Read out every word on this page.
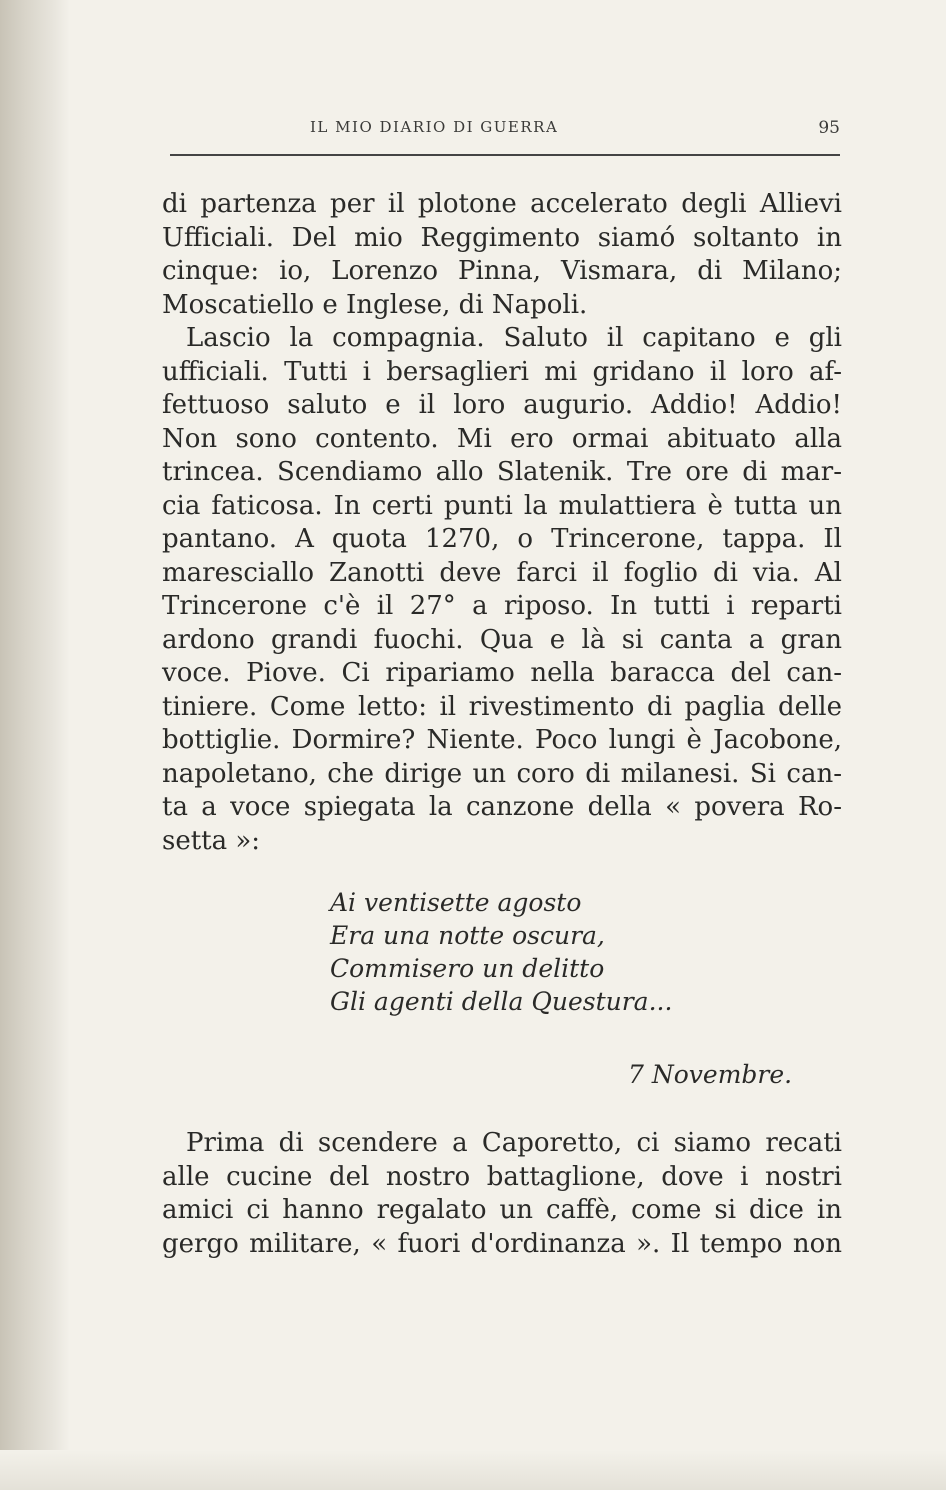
IL MIO DIARIO DI GUERRA	95
di partenza per il plotone accelerato degli Allievi
Ufficiali. Del mio Reggimento siamó soltanto in
cinque: io, Lorenzo Pinna, Vismara, di Milano;
Moscatiello e Inglese, di Napoli.
Lascio la compagnia. Saluto il capitano e gli
ufficiali. Tutti i bersaglieri mi gridano il loro af-
fettuoso saluto e il loro augurio. Addio! Addio!
Non sono contento. Mi ero ormai abituato alla
trincea. Scendiamo allo Slatenik. Tre ore di mar-
cia faticosa. In certi punti la mulattiera è tutta un
pantano. A quota 1270, o Trincerone, tappa. Il
maresciallo Zanotti deve farci il foglio di via. Al
Trincerone c'è il 27° a riposo. In tutti i reparti
ardono grandi fuochi. Qua e là si canta a gran
voce. Piove. Ci ripariamo nella baracca del can-
tiniere. Come letto: il rivestimento di paglia delle
bottiglie. Dormire? Niente. Poco lungi è Jacobone,
napoletano, che dirige un coro di milanesi. Si can-
ta a voce spiegata la canzone della « povera Ro-
setta »:
Ai ventisette agosto
Era una notte oscura,
Commisero un delitto
Gli agenti della Questura...
7 Novembre.
Prima di scendere a Caporetto, ci siamo recati
alle cucine del nostro battaglione, dove i nostri
amici ci hanno regalato un caffè, come si dice in
gergo militare, « fuori d'ordinanza ». Il tempo non
